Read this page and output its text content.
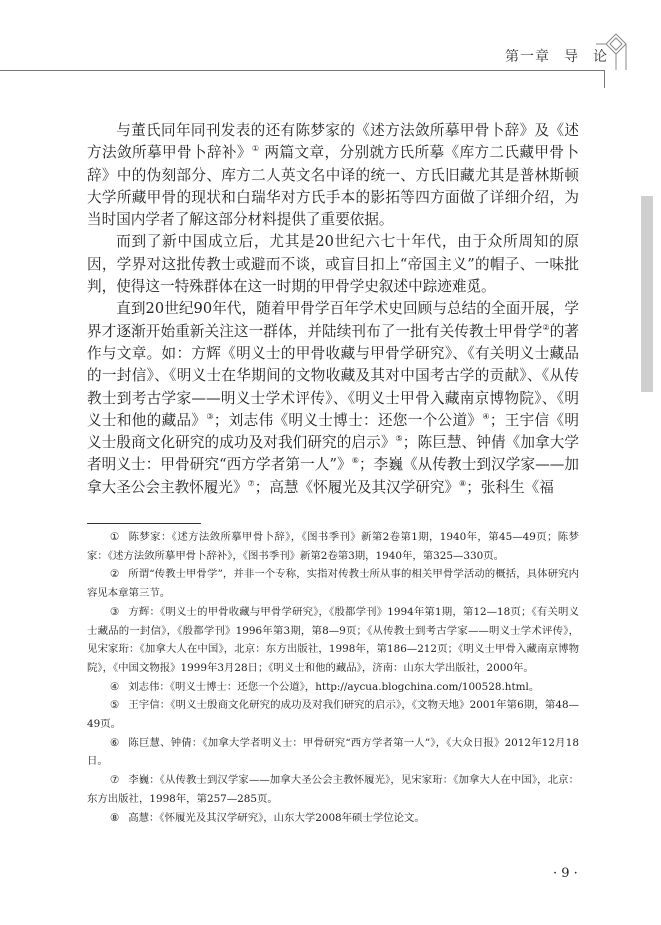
第一章 导 论

与董氏同年同刊发表的还有陈梦家的《述方法敛所摹甲骨卜辞》及《述方法敛所摹甲骨卜辞补》① 两篇文章，分别就方氏所摹《库方二氏藏甲骨卜辞》中的伪刻部分、库方二人英文名中译的统一、方氏旧藏尤其是普林斯顿大学所藏甲骨的现状和白瑞华对方氏手本的影拓等四方面做了详细介绍，为当时国内学者了解这部分材料提供了重要依据。

而到了新中国成立后，尤其是20世纪六七十年代，由于众所周知的原因，学界对这批传教士或避而不谈，或盲目扣上“帝国主义”的帽子、一味批判，使得这一特殊群体在这一时期的甲骨学史叙述中踪迹难觅。

直到20世纪90年代，随着甲骨学百年学术史回顾与总结的全面开展，学界才逐渐开始重新关注这一群体，并陆续刊布了一批有关传教士甲骨学②的著作与文章。如：方辉《明义士的甲骨收藏与甲骨学研究》、《有关明义士藏品的一封信》、《明义士在华期间的文物收藏及其对中国考古学的贡献》、《从传教士到考古学家——明义士学术评传》、《明义士甲骨入藏南京博物院》、《明义士和他的藏品》③；刘志伟《明义士博士：还您一个公道》④；王宇信《明义士殷商文化研究的成功及对我们研究的启示》⑤；陈巨慧、钟倩《加拿大学者明义士：甲骨研究“西方学者第一人”》⑥；李巍《从传教士到汉学家——加拿大圣公会主教怀履光》⑦；高慧《怀履光及其汉学研究》⑧；张科生《福

① 陈梦家：《述方法敛所摹甲骨卜辞》，《图书季刊》新第2卷第1期，1940年，第45—49页；陈梦家：《述方法敛所摹甲骨卜辞补》，《图书季刊》新第2卷第3期，1940年，第325—330页。

② 所谓“传教士甲骨学”，并非一个专称，实指对传教士所从事的相关甲骨学活动的概括，具体研究内容见本章第三节。

③ 方辉：《明义士的甲骨收藏与甲骨学研究》，《殷都学刊》1994年第1期，第12—18页；《有关明义士藏品的一封信》，《殷都学刊》1996年第3期，第8—9页；《从传教士到考古学家——明义士学术评传》，见宋家珩：《加拿大人在中国》，北京：东方出版社，1998年，第186—212页；《明义士甲骨入藏南京博物院》，《中国文物报》1999年3月28日；《明义士和他的藏品》，济南：山东大学出版社，2000年。

④ 刘志伟：《明义士博士：还您一个公道》，http://aycua.blogchina.com/100528.html。

⑤ 王宇信：《明义士殷商文化研究的成功及对我们研究的启示》，《文物天地》2001年第6期，第48—49页。

⑥ 陈巨慧、钟倩：《加拿大学者明义士：甲骨研究“西方学者第一人”》，《大众日报》2012年12月18日。

⑦ 李巍：《从传教士到汉学家——加拿大圣公会主教怀履光》，见宋家珩：《加拿大人在中国》，北京：东方出版社，1998年，第257—285页。

⑧ 高慧：《怀履光及其汉学研究》，山东大学2008年硕士学位论文。

· 9 ·
